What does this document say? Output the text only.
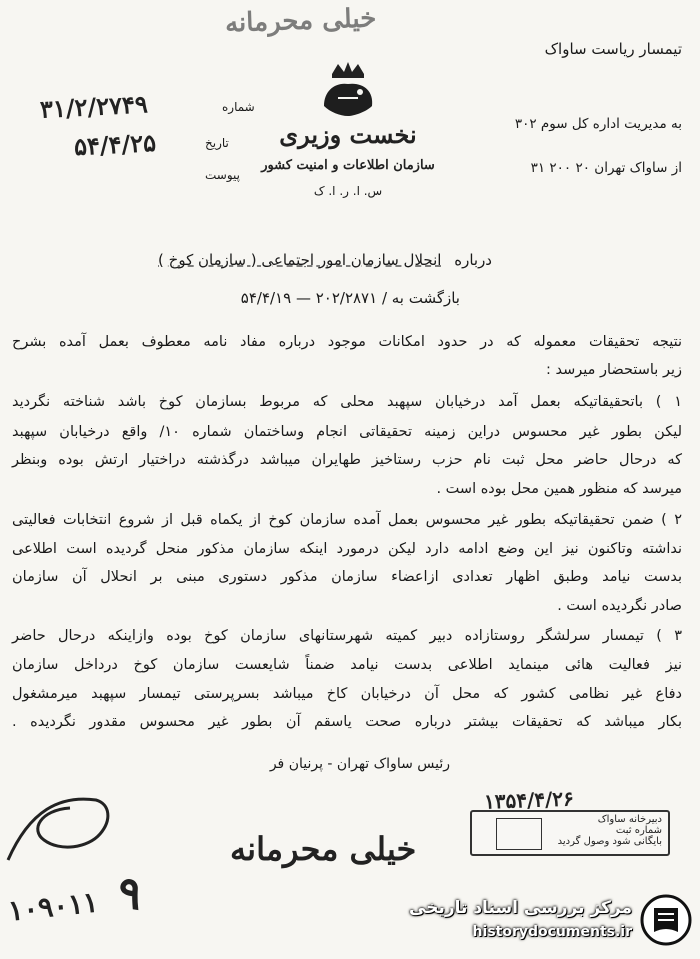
خیلی محرمانه
تیمسار ریاست ساواک
نخست وزیری
سازمان اطلاعات و امنیت کشور
س. ا. ر. ا. ک
۳۱/۲/۲۷۴۹	شماره
۵۴/۴/۲۵	تاریخ
پیوست
به مدیریت اداره کل سوم ۳۰۲
از ساواک تهران ۲۰ ۲۰۰ ۳۱
درباره انحلال سازمان امور اجتماعی ( سازمان کوخ )
بازگشت به / ۲۰۲/۲۸۷۱ — ۵۴/۴/۱۹
نتیجه تحقیقات معموله که در حدود امکانات موجود درباره مفاد نامه معطوف بعمل آمده بشرح
زیر باستحضار میرسد :
۱ ) باتحقیقاتیکه بعمل آمد درخیابان سپهبد محلی که مربوط بسازمان کوخ باشد شناخته نگردید
لیکن بطور غیر محسوس دراین زمینه تحقیقاتی انجام وساختمان شماره ۱۰/ واقع درخیابان سپهبد
که درحال حاضر محل ثبت نام حزب رستاخیز طهایران میباشد درگذشته دراختیار ارتش بوده وبنظر
میرسد که منظور همین محل بوده است .
۲ ) ضمن تحقیقاتیکه بطور غیر محسوس بعمل آمده سازمان کوخ از یکماه قبل از شروع انتخابات فعالیتی
نداشته وتاکنون نیز این وضع ادامه دارد لیکن درمورد اینکه سازمان مذکور منحل گردیده است اطلاعی
بدست نیامد وطبق اظهار تعدادی ازاعضاء سازمان مذکور دستوری مبنی بر انحلال آن سازمان
صادر نگردیده است .
۳ ) تیمسار سرلشگر روستازاده دبیر کمیته شهرستانهای سازمان کوخ بوده وازاینکه درحال حاضر
نیز فعالیت هائی مینماید اطلاعی بدست نیامد ضمناً شایعست سازمان کوخ درداخل سازمان
دفاع غیر نظامی کشور که محل آن درخیابان کاخ میباشد بسرپرستی تیمسار سپهبد میرمشغول
بکار میباشد که تحقیقات بیشتر درباره صحت یاسقم آن بطور غیر محسوس مقدور نگردیده .
رئیس ساواک تهران - پرنیان فر
۱۳۵۴/۴/۲۶
دبیرخانه ساواک
شماره ثبت
بایگانی شود وصول گردید
خیلی محرمانه
۱۰۹۰۱۱ ۹	مرکز بررسی اسناد تاریخی
historydocuments.ir
